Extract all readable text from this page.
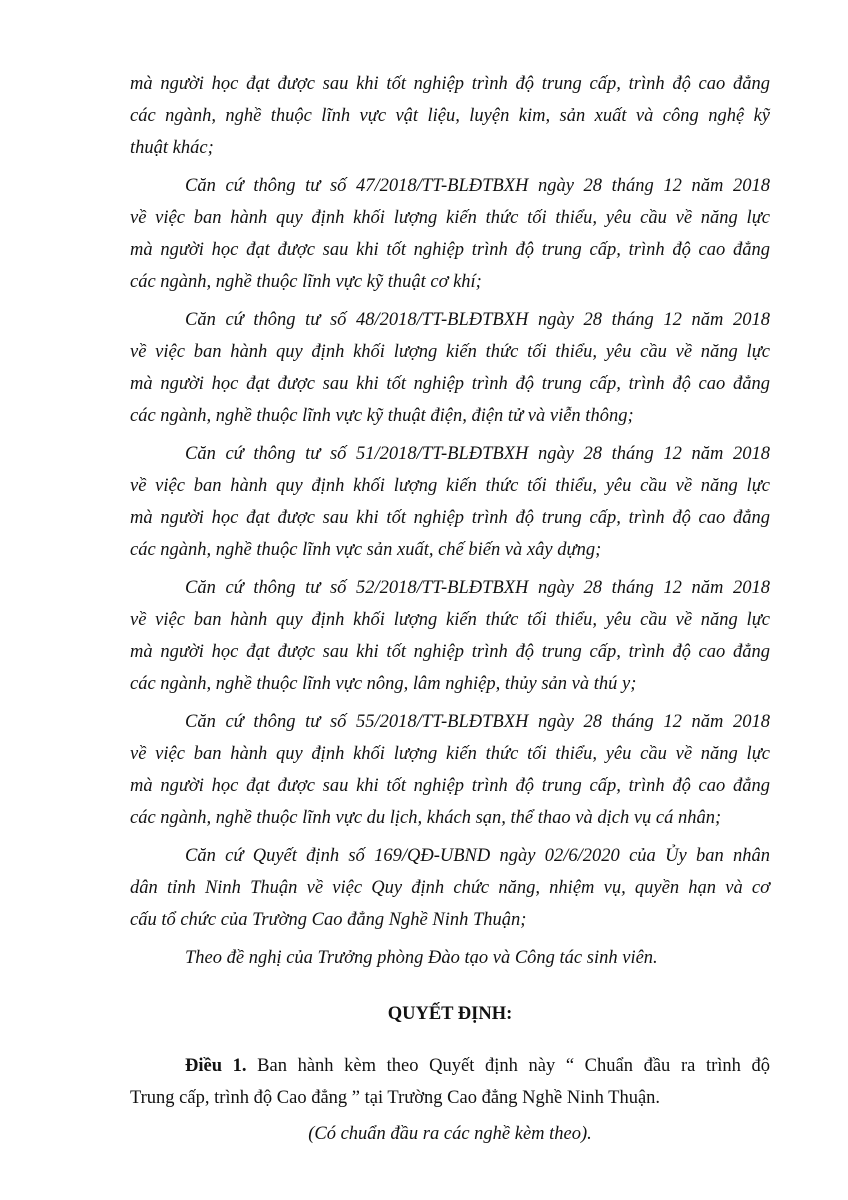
mà người học đạt được sau khi tốt nghiệp trình độ trung cấp, trình độ cao đẳng
các ngành, nghề thuộc lĩnh vực vật liệu, luyện kim, sản xuất và công nghệ kỹ
thuật khác;
Căn cứ thông tư số 47/2018/TT-BLĐTBXH ngày 28 tháng 12 năm 2018
về việc ban hành quy định khối lượng kiến thức tối thiểu, yêu cầu về năng lực
mà người học đạt được sau khi tốt nghiệp trình độ trung cấp, trình độ cao đẳng
các ngành, nghề thuộc lĩnh vực kỹ thuật cơ khí;
Căn cứ thông tư số 48/2018/TT-BLĐTBXH ngày 28 tháng 12 năm 2018
về việc ban hành quy định khối lượng kiến thức tối thiểu, yêu cầu về năng lực
mà người học đạt được sau khi tốt nghiệp trình độ trung cấp, trình độ cao đẳng
các ngành, nghề thuộc lĩnh vực kỹ thuật điện, điện tử và viễn thông;
Căn cứ thông tư số 51/2018/TT-BLĐTBXH ngày 28 tháng 12 năm 2018
về việc ban hành quy định khối lượng kiến thức tối thiểu, yêu cầu về năng lực
mà người học đạt được sau khi tốt nghiệp trình độ trung cấp, trình độ cao đẳng
các ngành, nghề thuộc lĩnh vực sản xuất, chế biến và xây dựng;
Căn cứ thông tư số 52/2018/TT-BLĐTBXH ngày 28 tháng 12 năm 2018
về việc ban hành quy định khối lượng kiến thức tối thiểu, yêu cầu về năng lực
mà người học đạt được sau khi tốt nghiệp trình độ trung cấp, trình độ cao đẳng
các ngành, nghề thuộc lĩnh vực nông, lâm nghiệp, thủy sản và thú y;
Căn cứ thông tư số 55/2018/TT-BLĐTBXH ngày 28 tháng 12 năm 2018
về việc ban hành quy định khối lượng kiến thức tối thiểu, yêu cầu về năng lực
mà người học đạt được sau khi tốt nghiệp trình độ trung cấp, trình độ cao đẳng
các ngành, nghề thuộc lĩnh vực du lịch, khách sạn, thể thao và dịch vụ cá nhân;
Căn cứ Quyết định số 169/QĐ-UBND ngày 02/6/2020 của Ủy ban nhân
dân tỉnh Ninh Thuận về việc Quy định chức năng, nhiệm vụ, quyền hạn và cơ
cấu tổ chức của Trường Cao đẳng Nghề Ninh Thuận;
Theo đề nghị của Trưởng phòng Đào tạo và Công tác sinh viên.
QUYẾT ĐỊNH:
Điều 1. Ban hành kèm theo Quyết định này “ Chuẩn đầu ra trình độ
Trung cấp, trình độ Cao đẳng ” tại Trường Cao đẳng Nghề Ninh Thuận.
(Có chuẩn đầu ra các nghề kèm theo).
